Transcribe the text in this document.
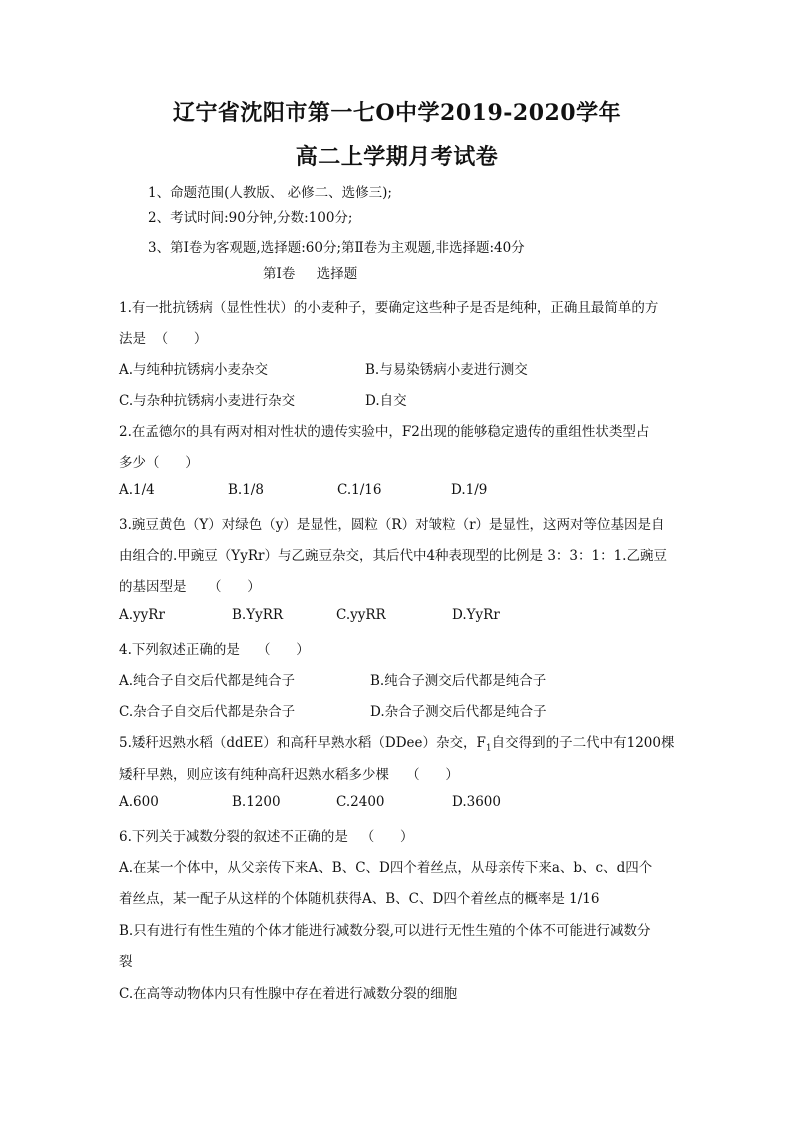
辽宁省沈阳市第一七O中学2019-2020学年
高二上学期月考试卷
1、命题范围(人教版、 必修二、选修三);
2、考试时间:90分钟,分数:100分;
3、第Ⅰ卷为客观题,选择题:60分;第Ⅱ卷为主观题,非选择题:40分
第Ⅰ卷     选择题
1.有一批抗锈病（显性性状）的小麦种子，要确定这些种子是否是纯种，正确且最简单的方
法是  （      ）
A.与纯种抗锈病小麦杂交	B.与易染锈病小麦进行测交
C.与杂种抗锈病小麦进行杂交	D.自交
2.在孟德尔的具有两对相对性状的遗传实验中，F2出现的能够稳定遗传的重组性状类型占
多少（      ）
A.1/4	B.1/8	C.1/16	D.1/9
3.豌豆黄色（Y）对绿色（y）是显性，圆粒（R）对皱粒（r）是显性，这两对等位基因是自
由组合的.甲豌豆（YyRr）与乙豌豆杂交，其后代中4种表现型的比例是 3：3：1：1.乙豌豆
的基因型是     （      ）
A.yyRr	B.YyRR	C.yyRR	D.YyRr
4.下列叙述正确的是    （      ）
A.纯合子自交后代都是纯合子	B.纯合子测交后代都是纯合子
C.杂合子自交后代都是杂合子	D.杂合子测交后代都是纯合子
5.矮秆迟熟水稻（ddEE）和高秆早熟水稻（DDee）杂交，$F_1$自交得到的子二代中有1200棵
矮秆早熟，则应该有纯种高秆迟熟水稻多少棵    （      ）
A.600	B.1200	C.2400	D.3600
6.下列关于减数分裂的叙述不正确的是   （      ）
A.在某一个体中，从父亲传下来A、B、C、D四个着丝点，从母亲传下来a、b、c、d四个
着丝点，某一配子从这样的个体随机获得A、B、C、D四个着丝点的概率是 1/16
B.只有进行有性生殖的个体才能进行减数分裂,可以进行无性生殖的个体不可能进行减数分
裂
C.在高等动物体内只有性腺中存在着进行减数分裂的细胞
